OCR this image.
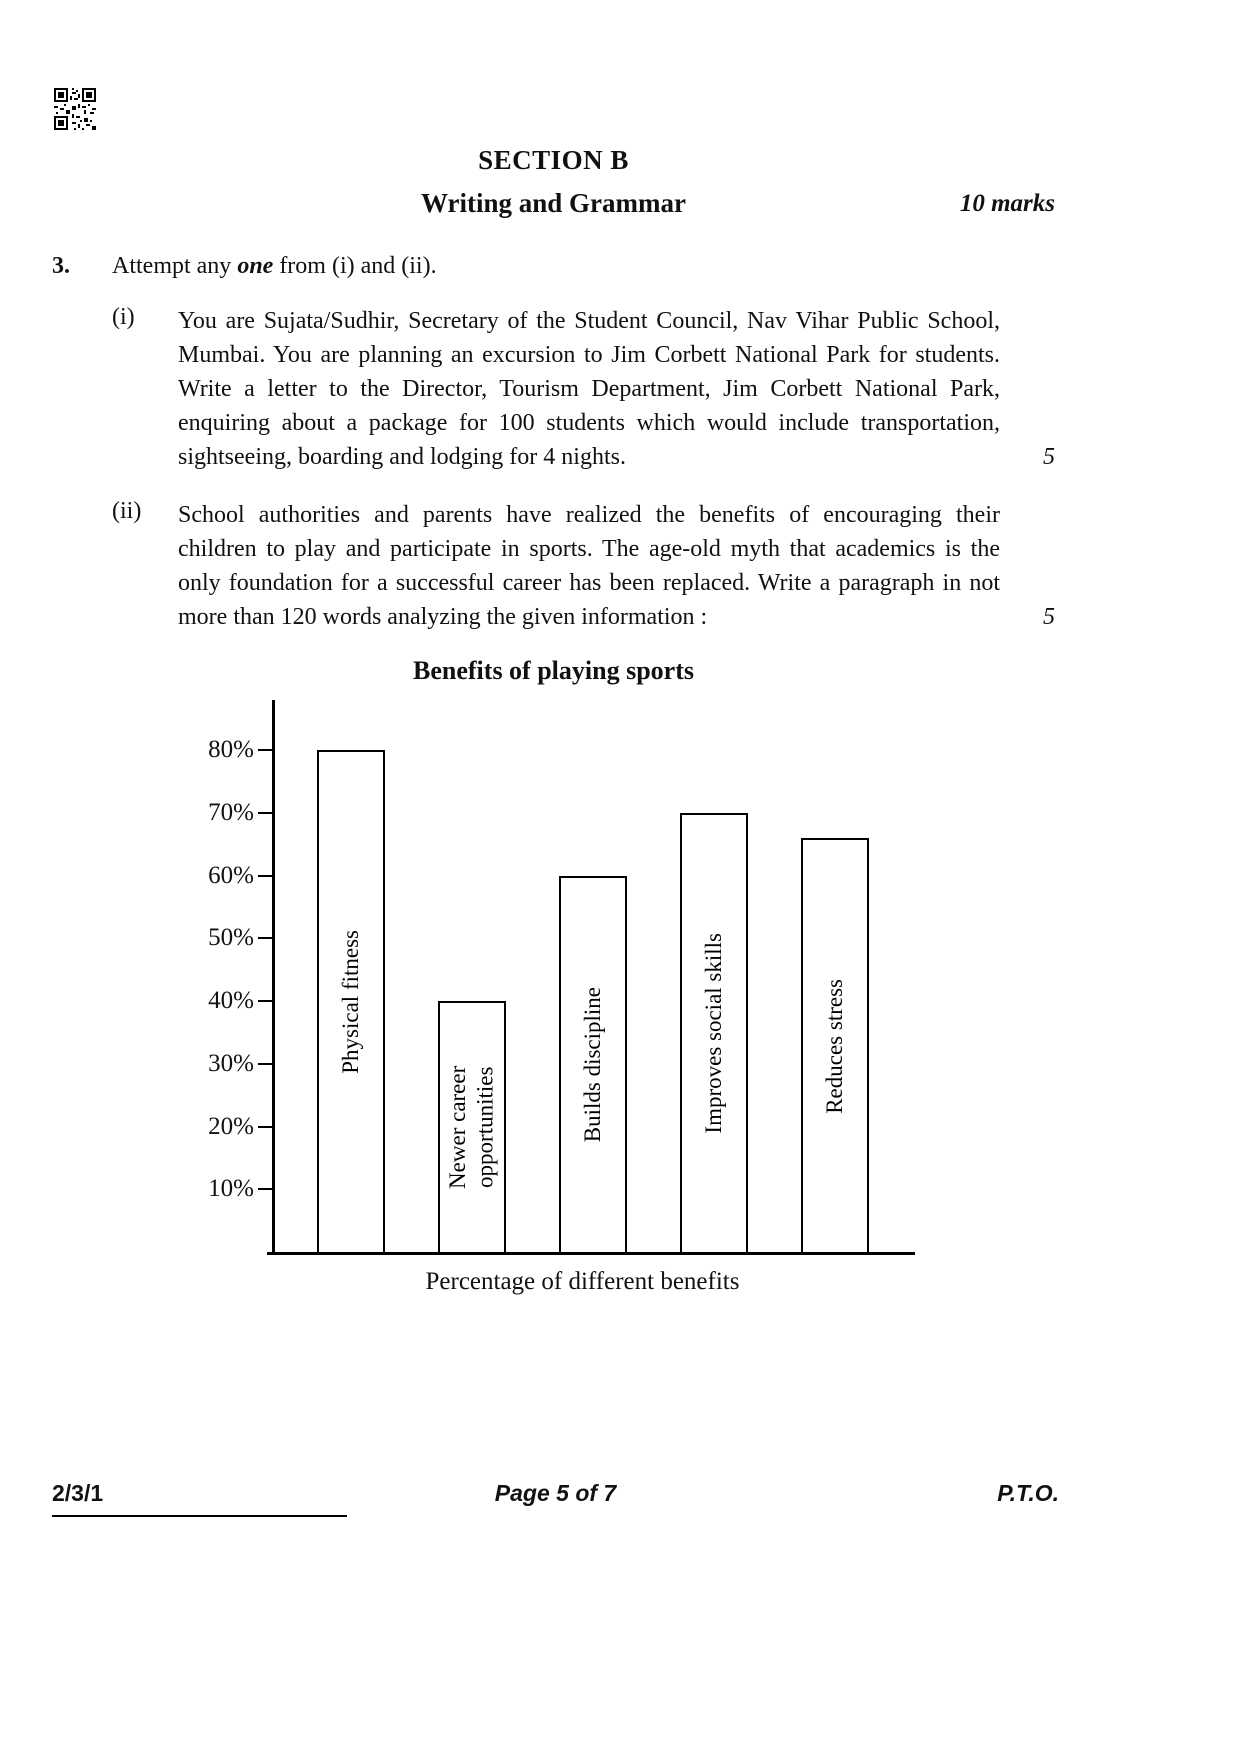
SECTION B
Writing and Grammar	10 marks
3.	Attempt any one from (i) and (ii).
(i)	You are Sujata/Sudhir, Secretary of the Student Council, Nav Vihar Public School, Mumbai. You are planning an excursion to Jim Corbett National Park for students. Write a letter to the Director, Tourism Department, Jim Corbett National Park, enquiring about a package for 100 students which would include transportation, sightseeing, boarding and lodging for 4 nights.	5
(ii)	School authorities and parents have realized the benefits of encouraging their children to play and participate in sports. The age-old myth that academics is the only foundation for a successful career has been replaced. Write a paragraph in not more than 120 words analyzing the given information :	5
Benefits of playing sports
10%
20%
30%
40%
50%
60%
70%
80%
Physical fitness
Newer career opportunities	Builds discipline	Improves social skills	Reduces stress
Percentage of different benefits
2/3/1	Page 5 of 7	P.T.O.
